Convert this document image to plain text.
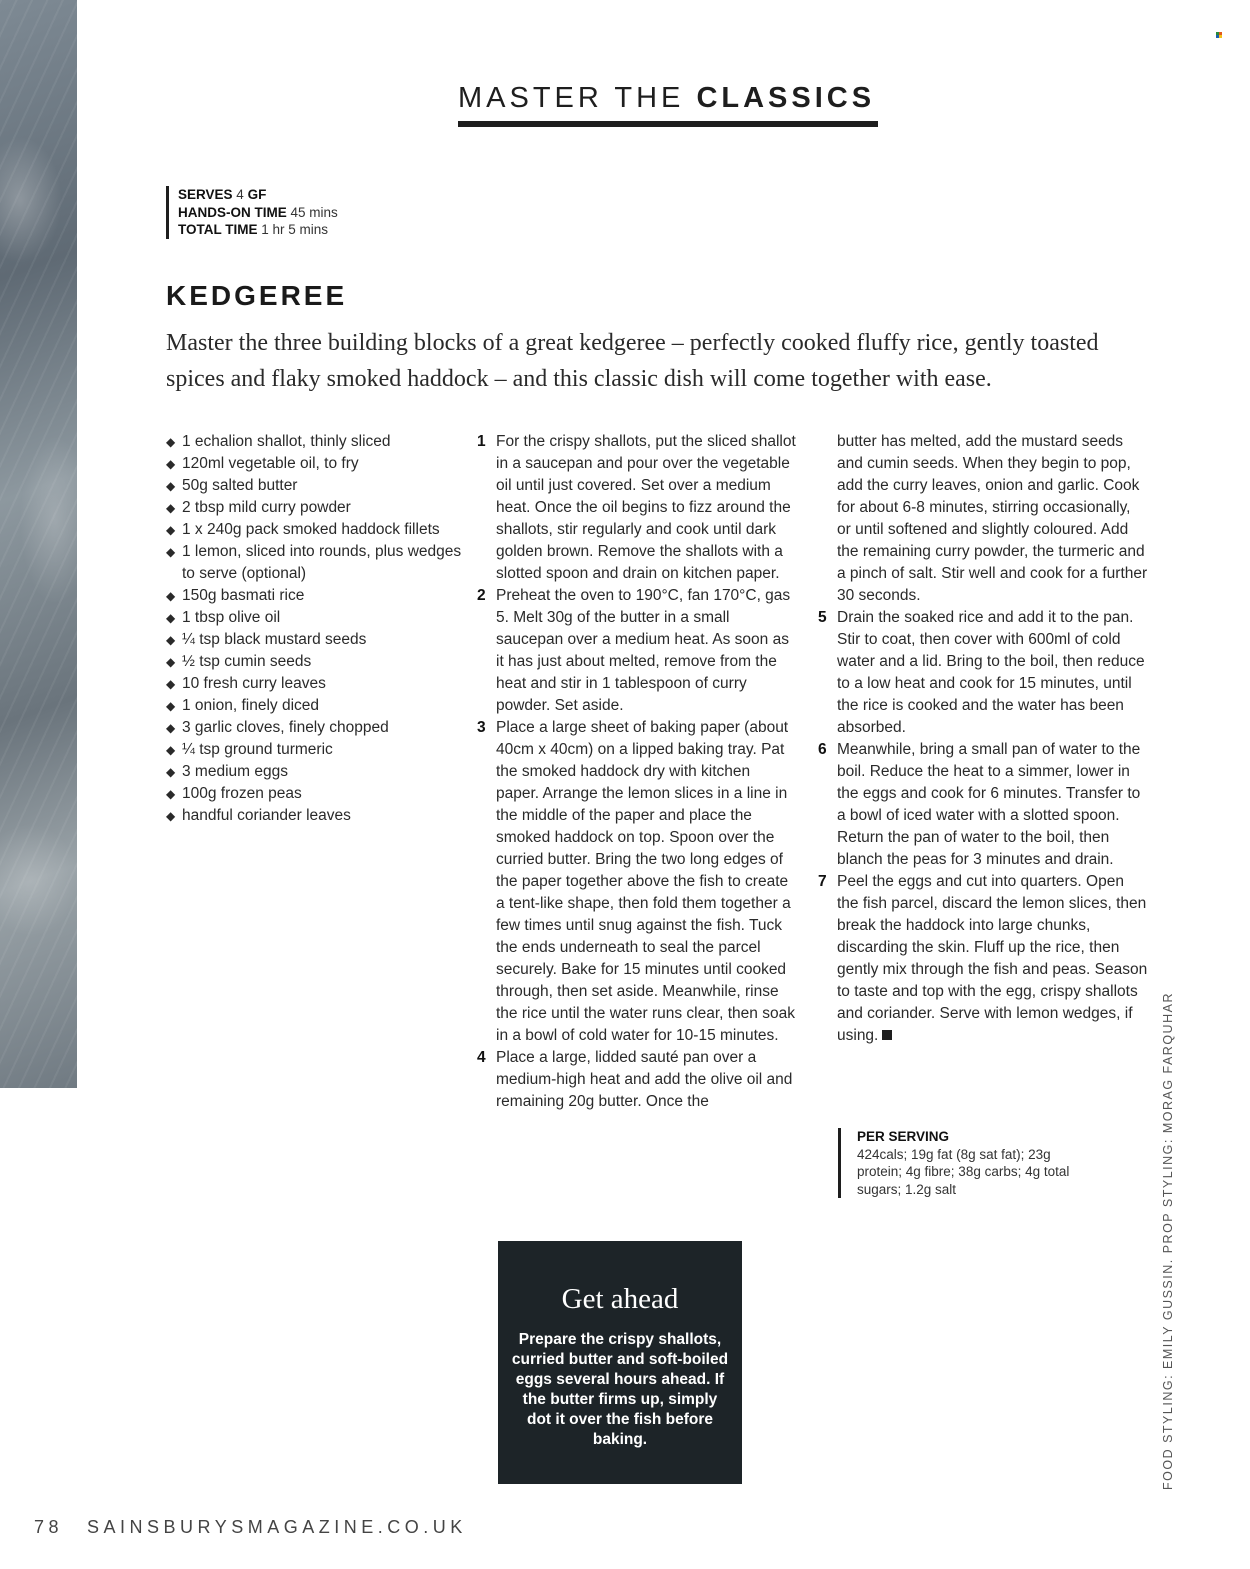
MASTER THE CLASSICS
SERVES 4 GF
HANDS-ON TIME 45 mins
TOTAL TIME 1 hr 5 mins
KEDGEREE

Master the three building blocks of a great kedgeree – perfectly cooked fluffy rice, gently toasted spices and flaky smoked haddock – and this classic dish will come together with ease.

◆ 1 echalion shallot, thinly sliced
◆ 120ml vegetable oil, to fry
◆ 50g salted butter
◆ 2 tbsp mild curry powder
◆ 1 x 240g pack smoked haddock fillets
◆ 1 lemon, sliced into rounds, plus wedges to serve (optional)
◆ 150g basmati rice
◆ 1 tbsp olive oil
◆ ¼ tsp black mustard seeds
◆ ½ tsp cumin seeds
◆ 10 fresh curry leaves
◆ 1 onion, finely diced
◆ 3 garlic cloves, finely chopped
◆ ¼ tsp ground turmeric
◆ 3 medium eggs
◆ 100g frozen peas
◆ handful coriander leaves
1 For the crispy shallots, put the sliced shallot in a saucepan and pour over the vegetable oil until just covered. Set over a medium heat. Once the oil begins to fizz around the shallots, stir regularly and cook until dark golden brown. Remove the shallots with a slotted spoon and drain on kitchen paper.
2 Preheat the oven to 190°C, fan 170°C, gas 5. Melt 30g of the butter in a small saucepan over a medium heat. As soon as it has just about melted, remove from the heat and stir in 1 tablespoon of curry powder. Set aside.
3 Place a large sheet of baking paper (about 40cm x 40cm) on a lipped baking tray. Pat the smoked haddock dry with kitchen paper. Arrange the lemon slices in a line in the middle of the paper and place the smoked haddock on top. Spoon over the curried butter. Bring the two long edges of the paper together above the fish to create a tent-like shape, then fold them together a few times until snug against the fish. Tuck the ends underneath to seal the parcel securely. Bake for 15 minutes until cooked through, then set aside. Meanwhile, rinse the rice until the water runs clear, then soak in a bowl of cold water for 10-15 minutes.
4 Place a large, lidded sauté pan over a medium-high heat and add the olive oil and remaining 20g butter. Once the
butter has melted, add the mustard seeds and cumin seeds. When they begin to pop, add the curry leaves, onion and garlic. Cook for about 6-8 minutes, stirring occasionally, or until softened and slightly coloured. Add the remaining curry powder, the turmeric and a pinch of salt. Stir well and cook for a further 30 seconds.
5 Drain the soaked rice and add it to the pan. Stir to coat, then cover with 600ml of cold water and a lid. Bring to the boil, then reduce to a low heat and cook for 15 minutes, until the rice is cooked and the water has been absorbed.
6 Meanwhile, bring a small pan of water to the boil. Reduce the heat to a simmer, lower in the eggs and cook for 6 minutes. Transfer to a bowl of iced water with a slotted spoon. Return the pan of water to the boil, then blanch the peas for 3 minutes and drain.
7 Peel the eggs and cut into quarters. Open the fish parcel, discard the lemon slices, then break the haddock into large chunks, discarding the skin. Fluff up the rice, then gently mix through the fish and peas. Season to taste and top with the egg, crispy shallots and coriander. Serve with lemon wedges, if using.
PER SERVING
424cals; 19g fat (8g sat fat); 23g protein; 4g fibre; 38g carbs; 4g total sugars; 1.2g salt
Get ahead
Prepare the crispy shallots, curried butter and soft-boiled eggs several hours ahead. If the butter firms up, simply dot it over the fish before baking.	FOOD STYLING: EMILY GUSSIN. PROP STYLING: MORAG FARQUHAR
78 SAINSBURYSMAGAZINE.CO.UK
